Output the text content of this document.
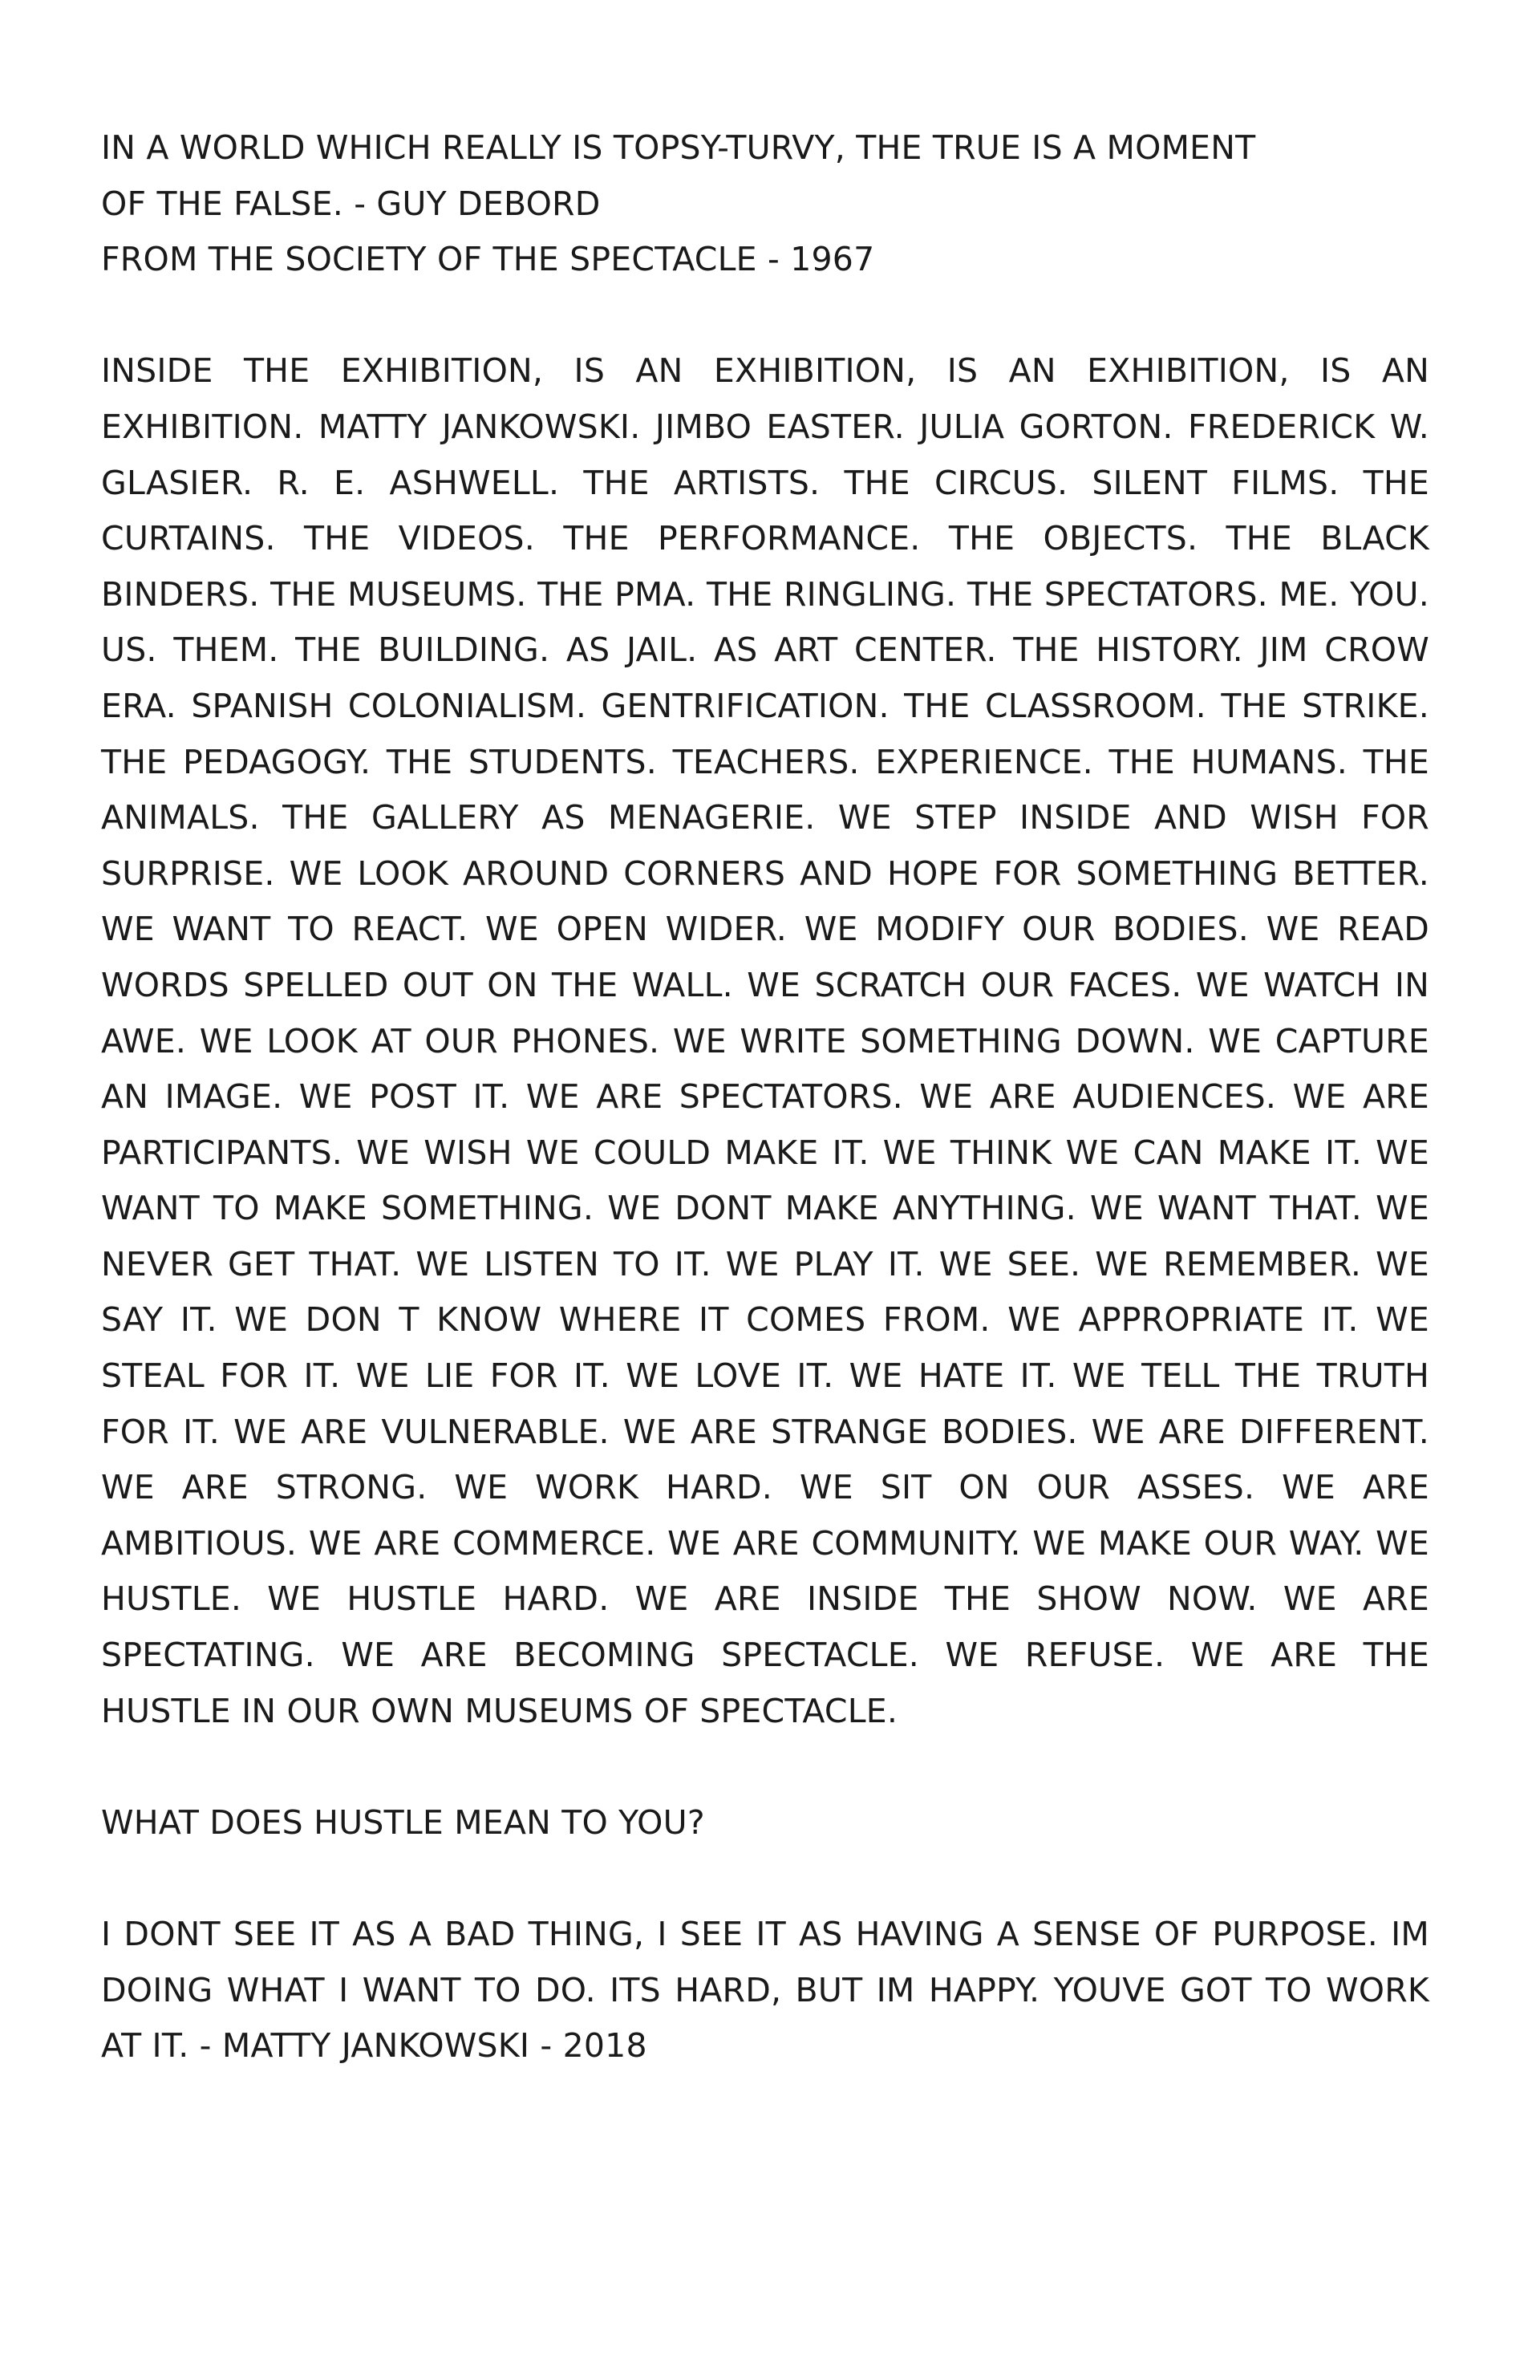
IN A WORLD WHICH REALLY IS TOPSY-TURVY, THE TRUE IS A MOMENT
OF THE FALSE. - GUY DEBORD
FROM THE SOCIETY OF THE SPECTACLE - 1967

INSIDE THE EXHIBITION, IS AN EXHIBITION, IS AN EXHIBITION, IS AN EXHIBITION. MATTY JANKOWSKI. JIMBO EASTER. JULIA GORTON. FREDERICK W. GLASIER. R. E. ASHWELL. THE ARTISTS. THE CIRCUS. SILENT FILMS. THE CURTAINS. THE VIDEOS. THE PERFORMANCE. THE OBJECTS. THE BLACK BINDERS. THE MUSEUMS. THE PMA. THE RINGLING. THE SPECTATORS. ME. YOU. US. THEM. THE BUILDING. AS JAIL. AS ART CENTER. THE HISTORY. JIM CROW ERA. SPANISH COLONIALISM. GENTRIFICATION. THE CLASSROOM. THE STRIKE. THE PEDAGOGY. THE STUDENTS. TEACHERS. EXPERIENCE. THE HUMANS. THE ANIMALS. THE GALLERY AS MENAGERIE. WE STEP INSIDE AND WISH FOR SURPRISE. WE LOOK AROUND CORNERS AND HOPE FOR SOMETHING BETTER. WE WANT TO REACT. WE OPEN WIDER. WE MODIFY OUR BODIES. WE READ WORDS SPELLED OUT ON THE WALL. WE SCRATCH OUR FACES. WE WATCH IN AWE. WE LOOK AT OUR PHONES. WE WRITE SOMETHING DOWN. WE CAPTURE AN IMAGE. WE POST IT. WE ARE SPECTATORS. WE ARE AUDIENCES. WE ARE PARTICIPANTS. WE WISH WE COULD MAKE IT. WE THINK WE CAN MAKE IT. WE WANT TO MAKE SOMETHING. WE DONT MAKE ANYTHING. WE WANT THAT. WE NEVER GET THAT. WE LISTEN TO IT. WE PLAY IT. WE SEE. WE REMEMBER. WE SAY IT. WE DON T KNOW WHERE IT COMES FROM. WE APPROPRIATE IT. WE STEAL FOR IT. WE LIE FOR IT. WE LOVE IT. WE HATE IT. WE TELL THE TRUTH FOR IT. WE ARE VULNERABLE. WE ARE STRANGE BODIES. WE ARE DIFFERENT. WE ARE STRONG. WE WORK HARD. WE SIT ON OUR ASSES. WE ARE AMBITIOUS. WE ARE COMMERCE. WE ARE COMMUNITY. WE MAKE OUR WAY. WE HUSTLE. WE HUSTLE HARD. WE ARE INSIDE THE SHOW NOW. WE ARE SPECTATING. WE ARE BECOMING SPECTACLE. WE REFUSE. WE ARE THE HUSTLE IN OUR OWN MUSEUMS OF SPECTACLE.

WHAT DOES HUSTLE MEAN TO YOU?

I DONT SEE IT AS A BAD THING, I SEE IT AS HAVING A SENSE OF PURPOSE. IM DOING WHAT I WANT TO DO. ITS HARD, BUT IM HAPPY. YOUVE GOT TO WORK AT IT. - MATTY JANKOWSKI - 2018
